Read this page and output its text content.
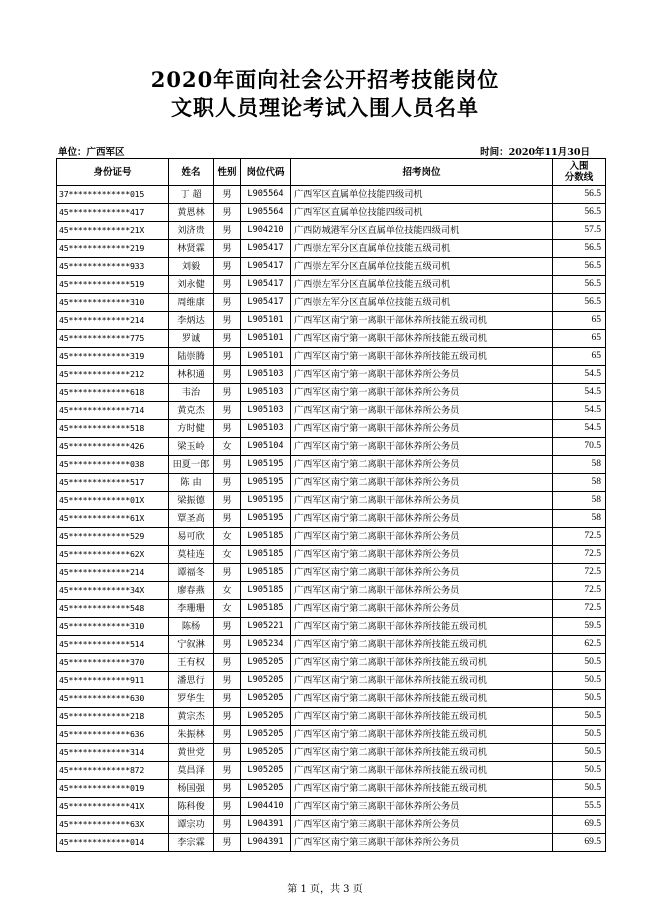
2020年面向社会公开招考技能岗位
文职人员理论考试入围人员名单
单位：广西军区	时间：2020年11月30日
身份证号	姓名	性别	岗位代码	招考岗位	入围
分数线

37*************015	丁 超	男	L905564	广西军区直属单位技能四级司机	56.5
45*************417	黄恩林	男	L905564	广西军区直属单位技能四级司机	56.5
45*************21X	刘济贵	男	L904210	广西防城港军分区直属单位技能四级司机	57.5
45*************219	林贤霖	男	L905417	广西崇左军分区直属单位技能五级司机	56.5
45*************933	刘毅	男	L905417	广西崇左军分区直属单位技能五级司机	56.5
45*************519	刘永健	男	L905417	广西崇左军分区直属单位技能五级司机	56.5
45*************310	周维康	男	L905417	广西崇左军分区直属单位技能五级司机	56.5
45*************214	李炳达	男	L905101	广西军区南宁第一离职干部休养所技能五级司机	65
45*************775	罗诚	男	L905101	广西军区南宁第一离职干部休养所技能五级司机	65
45*************319	陆崇腾	男	L905101	广西军区南宁第一离职干部休养所技能五级司机	65
45*************212	林积通	男	L905103	广西军区南宁第一离职干部休养所公务员	54.5
45*************618	韦治	男	L905103	广西军区南宁第一离职干部休养所公务员	54.5
45*************714	黄克杰	男	L905103	广西军区南宁第一离职干部休养所公务员	54.5
45*************518	方时健	男	L905103	广西军区南宁第一离职干部休养所公务员	54.5
45*************426	梁玉岭	女	L905104	广西军区南宁第一离职干部休养所公务员	70.5
45*************038	田夏一郎	男	L905195	广西军区南宁第二离职干部休养所公务员	58
45*************517	陈 由	男	L905195	广西军区南宁第二离职干部休养所公务员	58
45*************01X	梁振德	男	L905195	广西军区南宁第二离职干部休养所公务员	58
45*************61X	覃圣高	男	L905195	广西军区南宁第二离职干部休养所公务员	58
45*************529	易可欣	女	L905185	广西军区南宁第二离职干部休养所公务员	72.5
45*************62X	莫桂连	女	L905185	广西军区南宁第二离职干部休养所公务员	72.5
45*************214	谭福冬	男	L905185	广西军区南宁第二离职干部休养所公务员	72.5
45*************34X	廖春燕	女	L905185	广西军区南宁第二离职干部休养所公务员	72.5
45*************548	李珊珊	女	L905185	广西军区南宁第二离职干部休养所公务员	72.5
45*************310	陈杨	男	L905221	广西军区南宁第二离职干部休养所技能五级司机	59.5
45*************514	宁叙淋	男	L905234	广西军区南宁第二离职干部休养所技能五级司机	62.5
45*************370	王有权	男	L905205	广西军区南宁第二离职干部休养所技能五级司机	50.5
45*************911	潘思行	男	L905205	广西军区南宁第二离职干部休养所技能五级司机	50.5
45*************630	罗华生	男	L905205	广西军区南宁第二离职干部休养所技能五级司机	50.5
45*************218	黄宗杰	男	L905205	广西军区南宁第二离职干部休养所技能五级司机	50.5
45*************636	朱振林	男	L905205	广西军区南宁第二离职干部休养所技能五级司机	50.5
45*************314	黄世党	男	L905205	广西军区南宁第二离职干部休养所技能五级司机	50.5
45*************872	莫昌泽	男	L905205	广西军区南宁第二离职干部休养所技能五级司机	50.5
45*************019	杨国强	男	L905205	广西军区南宁第二离职干部休养所技能五级司机	50.5
45*************41X	陈科俊	男	L904410	广西军区南宁第三离职干部休养所公务员	55.5
45*************63X	谭宗功	男	L904391	广西军区南宁第三离职干部休养所公务员	69.5
45*************014	李宗霖	男	L904391	广西军区南宁第三离职干部休养所公务员	69.5
第 1 页，共 3 页
